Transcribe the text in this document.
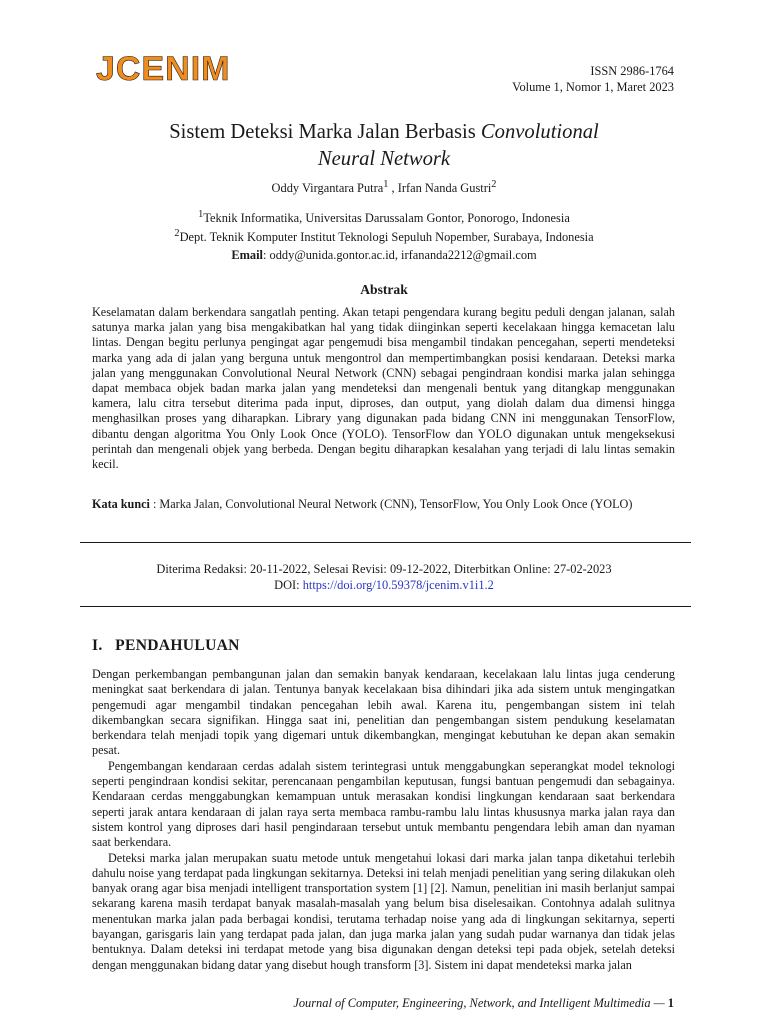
JCENIM	ISSN 2986-1764
Volume 1, Nomor 1, Maret 2023
Sistem Deteksi Marka Jalan Berbasis Convolutional
Neural Network
Oddy Virgantara Putra$^1$ , Irfan Nanda Gustri$^2$
$^1$Teknik Informatika, Universitas Darussalam Gontor, Ponorogo, Indonesia
$^2$Dept. Teknik Komputer Institut Teknologi Sepuluh Nopember, Surabaya, Indonesia
Email: oddy@unida.gontor.ac.id, irfananda2212@gmail.com
Abstrak
Keselamatan dalam berkendara sangatlah penting. Akan tetapi pengendara kurang begitu peduli dengan jalanan, salah satunya marka jalan yang bisa mengakibatkan hal yang tidak diinginkan seperti kecelakaan hingga kemacetan lalu lintas. Dengan begitu perlunya pengingat agar pengemudi bisa mengambil tindakan pencegahan, seperti mendeteksi marka yang ada di jalan yang berguna untuk mengontrol dan mempertimbangkan posisi kendaraan. Deteksi marka jalan yang menggunakan Convolutional Neural Network (CNN) sebagai pengindraan kondisi marka jalan sehingga dapat membaca objek badan marka jalan yang mendeteksi dan mengenali bentuk yang ditangkap menggunakan kamera, lalu citra tersebut diterima pada input, diproses, dan output, yang diolah dalam dua dimensi hingga menghasilkan proses yang diharapkan. Library yang digunakan pada bidang CNN ini menggunakan TensorFlow, dibantu dengan algoritma You Only Look Once (YOLO). TensorFlow dan YOLO digunakan untuk mengeksekusi perintah dan mengenali objek yang berbeda. Dengan begitu diharapkan kesalahan yang terjadi di lalu lintas semakin kecil.
Kata kunci : Marka Jalan, Convolutional Neural Network (CNN), TensorFlow, You Only Look Once (YOLO)
Diterima Redaksi: 20-11-2022, Selesai Revisi: 09-12-2022, Diterbitkan Online: 27-02-2023
DOI: https://doi.org/10.59378/jcenim.v1i1.2
I.   PENDAHULUAN

Dengan perkembangan pembangunan jalan dan semakin banyak kendaraan, kecelakaan lalu lintas juga cenderung meningkat saat berkendara di jalan. Tentunya banyak kecelakaan bisa dihindari jika ada sistem untuk mengingatkan pengemudi agar mengambil tindakan pencegahan lebih awal. Karena itu, pengembangan sistem ini telah dikembangkan secara signifikan. Hingga saat ini, penelitian dan pengembangan sistem pendukung keselamatan berkendara telah menjadi topik yang digemari untuk dikembangkan, mengingat kebutuhan ke depan akan semakin pesat.

Pengembangan kendaraan cerdas adalah sistem terintegrasi untuk menggabungkan seperangkat model teknologi seperti pengindraan kondisi sekitar, perencanaan pengambilan keputusan, fungsi bantuan pengemudi dan sebagainya. Kendaraan cerdas menggabungkan kemampuan untuk merasakan kondisi lingkungan kendaraan saat berkendara seperti jarak antara kendaraan di jalan raya serta membaca rambu-rambu lalu lintas khususnya marka jalan raya dan sistem kontrol yang diproses dari hasil pengindaraan tersebut untuk membantu pengendara lebih aman dan nyaman saat berkendara.

Deteksi marka jalan merupakan suatu metode untuk mengetahui lokasi dari marka jalan tanpa diketahui terlebih dahulu noise yang terdapat pada lingkungan sekitarnya. Deteksi ini telah menjadi penelitian yang sering dilakukan oleh banyak orang agar bisa menjadi intelligent transportation system [1] [2]. Namun, penelitian ini masih berlanjut sampai sekarang karena masih terdapat banyak masalah-masalah yang belum bisa diselesaikan. Contohnya adalah sulitnya menentukan marka jalan pada berbagai kondisi, terutama terhadap noise yang ada di lingkungan sekitarnya, seperti bayangan, garisgaris lain yang terdapat pada jalan, dan juga marka jalan yang sudah pudar warnanya dan tidak jelas bentuknya. Dalam deteksi ini terdapat metode yang bisa digunakan dengan deteksi tepi pada objek, setelah deteksi dengan menggunakan bidang datar yang disebut hough transform [3]. Sistem ini dapat mendeteksi marka jalan

Journal of Computer, Engineering, Network, and Intelligent Multimedia — 1
